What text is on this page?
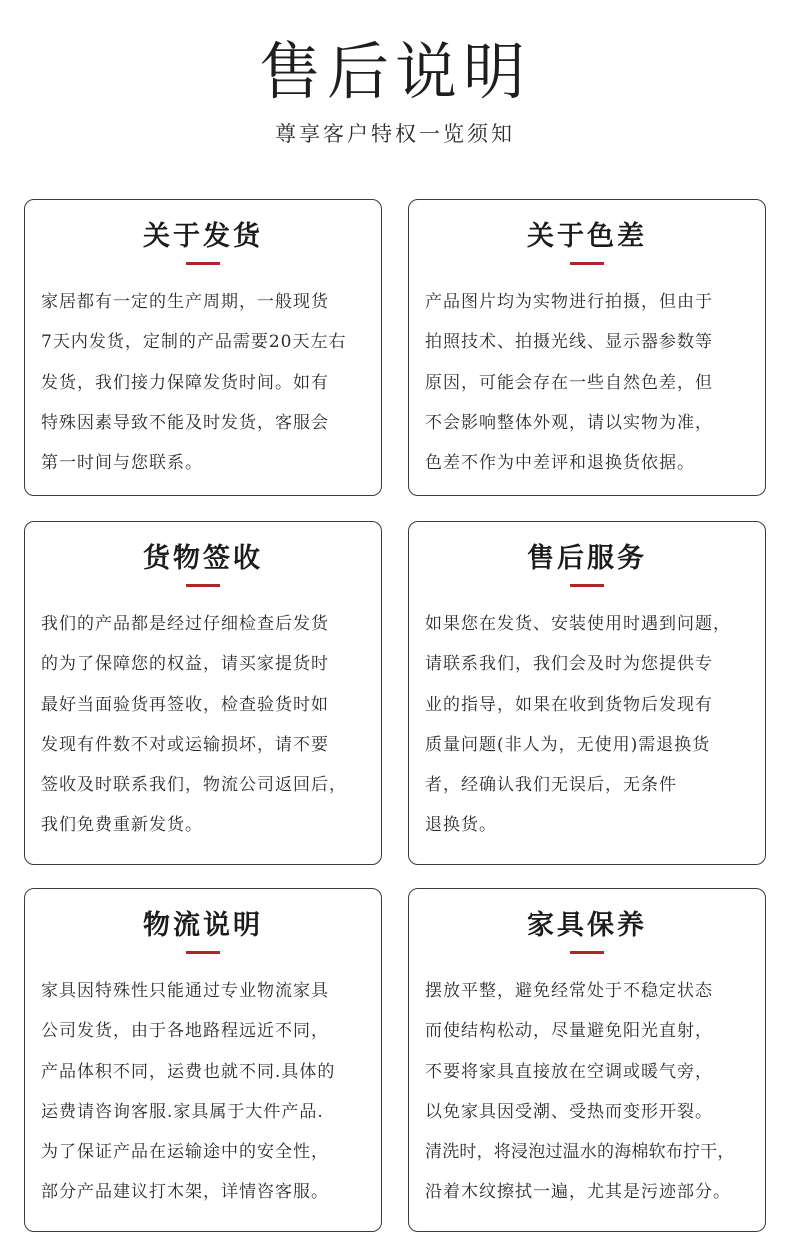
售后说明
尊享客户特权一览须知
关于发货
家居都有一定的生产周期，一般现货
7天内发货，定制的产品需要20天左右
发货，我们接力保障发货时间。如有
特殊因素导致不能及时发货，客服会
第一时间与您联系。
关于色差
产品图片均为实物进行拍摄，但由于
拍照技术、拍摄光线、显示器参数等
原因，可能会存在一些自然色差，但
不会影响整体外观，请以实物为准，
色差不作为中差评和退换货依据。
货物签收
我们的产品都是经过仔细检查后发货
的为了保障您的权益，请买家提货时
最好当面验货再签收，检查验货时如
发现有件数不对或运输损坏，请不要
签收及时联系我们，物流公司返回后，
我们免费重新发货。
售后服务
如果您在发货、安装使用时遇到问题，
请联系我们，我们会及时为您提供专
业的指导，如果在收到货物后发现有
质量问题(非人为，无使用)需退换货
者，经确认我们无误后，无条件
退换货。
物流说明
家具因特殊性只能通过专业物流家具
公司发货，由于各地路程远近不同，
产品体积不同，运费也就不同.具体的
运费请咨询客服.家具属于大件产品.
为了保证产品在运输途中的安全性，
部分产品建议打木架，详情咨客服。
家具保养
摆放平整，避免经常处于不稳定状态
而使结构松动，尽量避免阳光直射，
不要将家具直接放在空调或暖气旁，
以免家具因受潮、受热而变形开裂。
清洗时，将浸泡过温水的海棉软布拧干，
沿着木纹擦拭一遍，尤其是污迹部分。
